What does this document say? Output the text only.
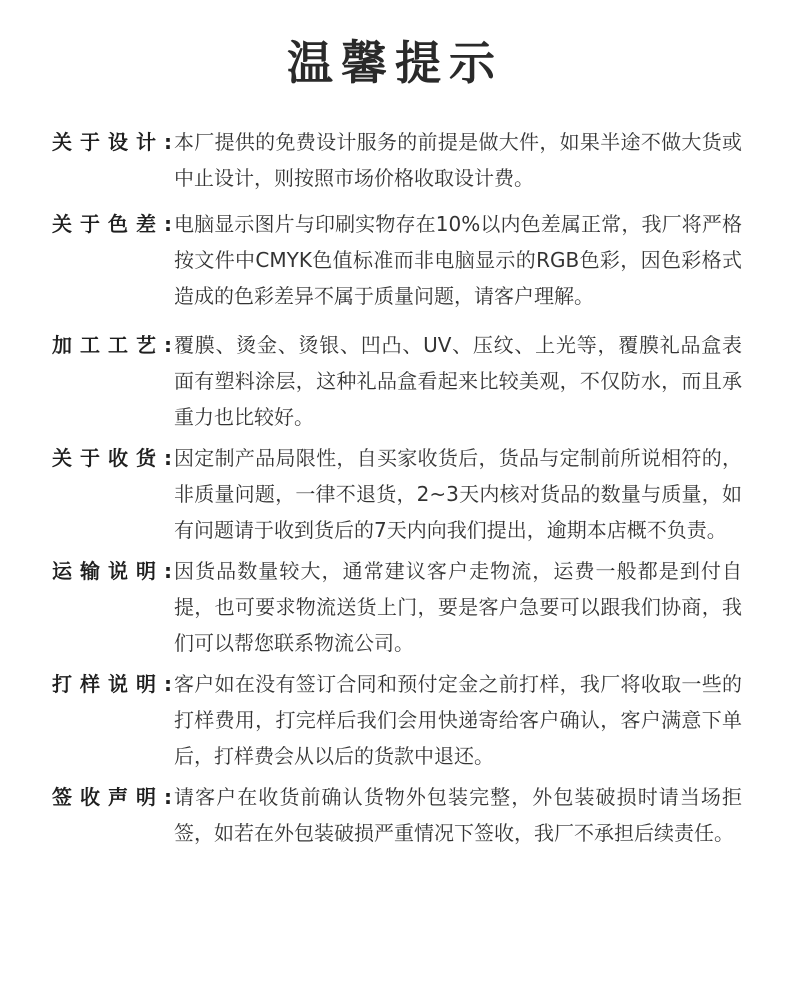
温馨提示
关于设计: 本厂提供的免费设计服务的前提是做大件，如果半途不做大货或中止设计，则按照市场价格收取设计费。
关于色差: 电脑显示图片与印刷实物存在10%以内色差属正常，我厂将严格按文件中CMYK色值标准而非电脑显示的RGB色彩，因色彩格式造成的色彩差异不属于质量问题，请客户理解。
加工工艺: 覆膜、烫金、烫银、凹凸、UV、压纹、上光等，覆膜礼品盒表面有塑料涂层，这种礼品盒看起来比较美观，不仅防水，而且承重力也比较好。
关于收货: 因定制产品局限性，自买家收货后，货品与定制前所说相符的，非质量问题，一律不退货，2~3天内核对货品的数量与质量，如有问题请于收到货后的7天内向我们提出，逾期本店概不负责。
运输说明: 因货品数量较大，通常建议客户走物流，运费一般都是到付自提，也可要求物流送货上门，要是客户急要可以跟我们协商，我们可以帮您联系物流公司。
打样说明: 客户如在没有签订合同和预付定金之前打样，我厂将收取一些的打样费用，打完样后我们会用快递寄给客户确认，客户满意下单后，打样费会从以后的货款中退还。
签收声明: 请客户在收货前确认货物外包装完整，外包装破损时请当场拒签，如若在外包装破损严重情况下签收，我厂不承担后续责任。
